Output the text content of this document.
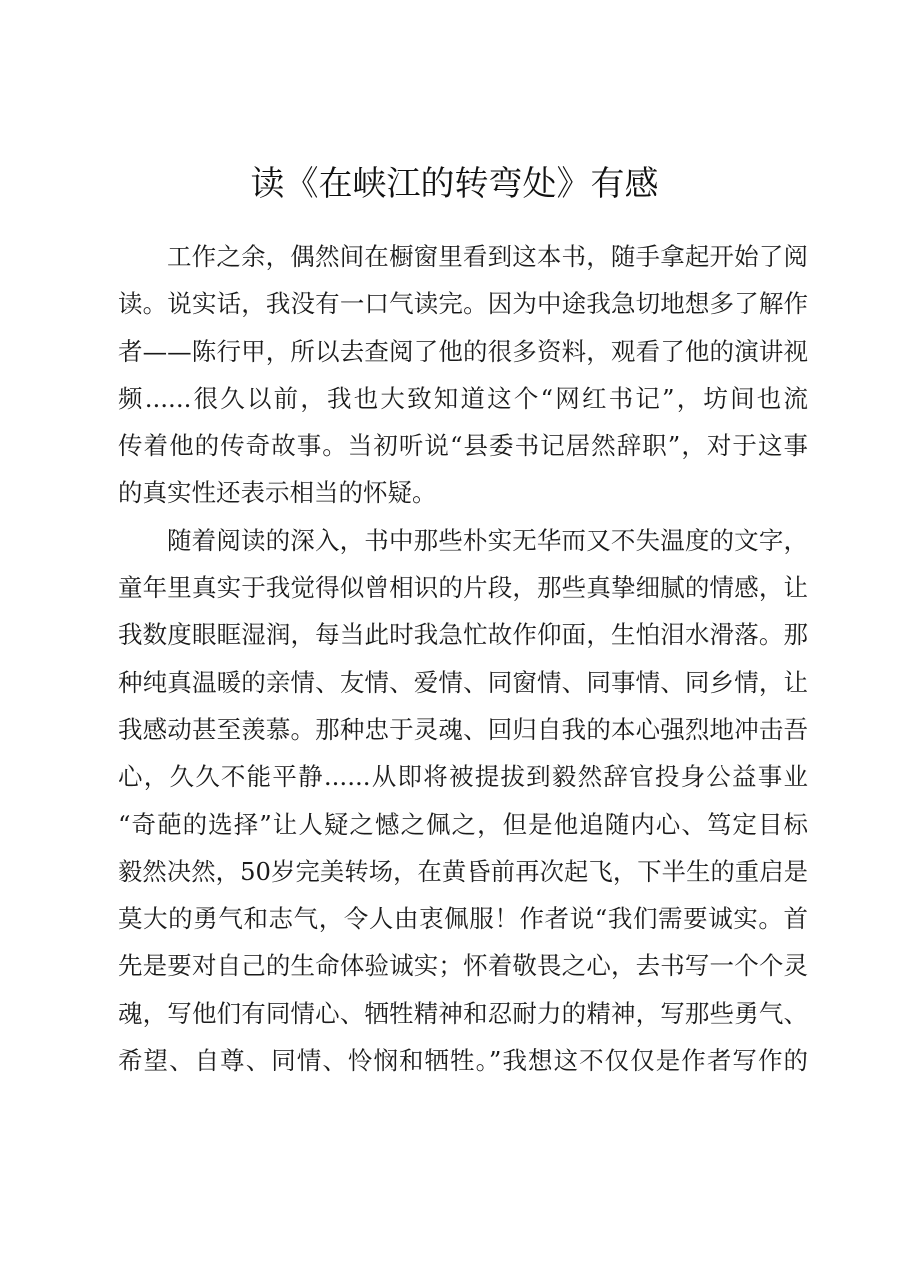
读《在峡江的转弯处》有感
工作之余，偶然间在橱窗里看到这本书，随手拿起开始了阅
读。说实话，我没有一口气读完。因为中途我急切地想多了解作
者——陈行甲，所以去查阅了他的很多资料，观看了他的演讲视
频......很久以前，我也大致知道这个“网红书记”，坊间也流
传着他的传奇故事。当初听说“县委书记居然辞职”，对于这事
的真实性还表示相当的怀疑。
随着阅读的深入，书中那些朴实无华而又不失温度的文字，
童年里真实于我觉得似曾相识的片段，那些真挚细腻的情感，让
我数度眼眶湿润，每当此时我急忙故作仰面，生怕泪水滑落。那
种纯真温暖的亲情、友情、爱情、同窗情、同事情、同乡情，让
我感动甚至羡慕。那种忠于灵魂、回归自我的本心强烈地冲击吾
心，久久不能平静......从即将被提拔到毅然辞官投身公益事业
“奇葩的选择”让人疑之憾之佩之，但是他追随内心、笃定目标
毅然决然，50岁完美转场，在黄昏前再次起飞，下半生的重启是
莫大的勇气和志气，令人由衷佩服！作者说“我们需要诚实。首
先是要对自己的生命体验诚实；怀着敬畏之心，去书写一个个灵
魂，写他们有同情心、牺牲精神和忍耐力的精神，写那些勇气、
希望、自尊、同情、怜悯和牺牲。”我想这不仅仅是作者写作的
